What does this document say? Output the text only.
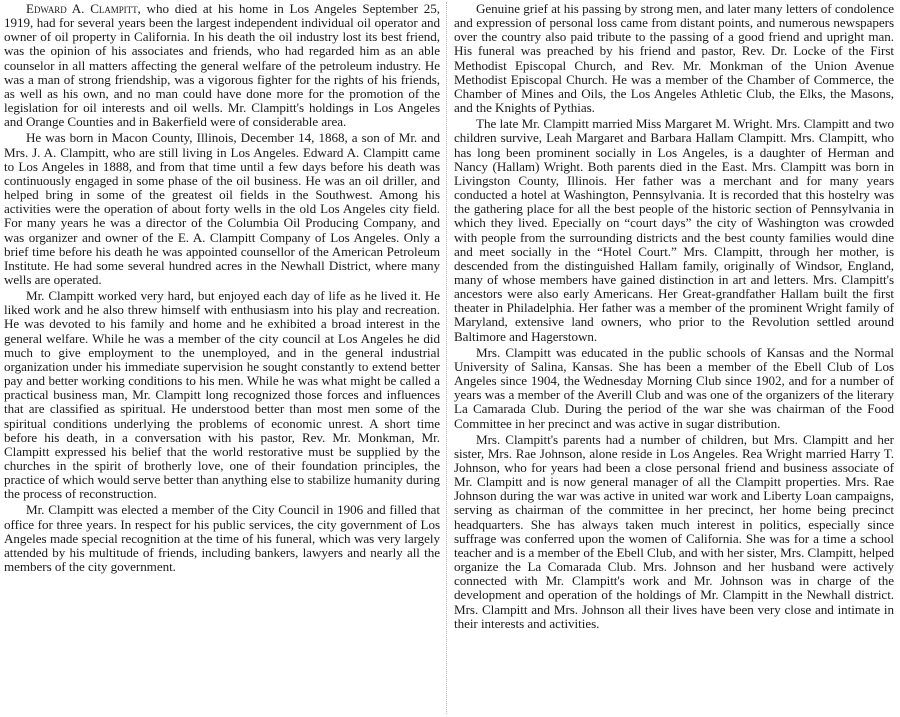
Edward A. Clampitt, who died at his home in Los Angeles September 25, 1919, had for several years been the largest independent individual oil operator and owner of oil property in California. In his death the oil industry lost its best friend, was the opinion of his associates and friends, who had regarded him as an able counselor in all matters affecting the general welfare of the petroleum industry. He was a man of strong friendship, was a vigorous fighter for the rights of his friends, as well as his own, and no man could have done more for the promotion of the legislation for oil interests and oil wells. Mr. Clampitt's holdings in Los Angeles and Orange Counties and in Bakerfield were of considerable area.

He was born in Macon County, Illinois, December 14, 1868, a son of Mr. and Mrs. J. A. Clampitt, who are still living in Los Angeles. Edward A. Clampitt came to Los Angeles in 1888, and from that time until a few days before his death was continuously engaged in some phase of the oil business. He was an oil driller, and helped bring in some of the greatest oil fields in the Southwest. Among his activities were the operation of about forty wells in the old Los Angeles city field. For many years he was a director of the Columbia Oil Producing Company, and was organizer and owner of the E. A. Clampitt Company of Los Angeles. Only a brief time before his death he was appointed counsellor of the American Petroleum Institute. He had some several hundred acres in the Newhall District, where many wells are operated.

Mr. Clampitt worked very hard, but enjoyed each day of life as he lived it. He liked work and he also threw himself with enthusiasm into his play and recreation. He was devoted to his family and home and he exhibited a broad interest in the general welfare. While he was a member of the city council at Los Angeles he did much to give employment to the unemployed, and in the general industrial organization under his immediate supervision he sought constantly to extend better pay and better working conditions to his men. While he was what might be called a practical business man, Mr. Clampitt long recognized those forces and influences that are classified as spiritual. He understood better than most men some of the spiritual conditions underlying the problems of economic unrest. A short time before his death, in a conversation with his pastor, Rev. Mr. Monkman, Mr. Clampitt expressed his belief that the world restorative must be supplied by the churches in the spirit of brotherly love, one of their foundation principles, the practice of which would serve better than anything else to stabilize humanity during the process of reconstruction.

Mr. Clampitt was elected a member of the City Council in 1906 and filled that office for three years. In respect for his public services, the city government of Los Angeles made special recognition at the time of his funeral, which was very largely attended by his multitude of friends, including bankers, lawyers and nearly all the members of the city government.

Genuine grief at his passing by strong men, and later many letters of condolence and expression of personal loss came from distant points, and numerous newspapers over the country also paid tribute to the passing of a good friend and upright man. His funeral was preached by his friend and pastor, Rev. Dr. Locke of the First Methodist Episcopal Church, and Rev. Mr. Monkman of the Union Avenue Methodist Episcopal Church. He was a member of the Chamber of Commerce, the Chamber of Mines and Oils, the Los Angeles Athletic Club, the Elks, the Masons, and the Knights of Pythias.

The late Mr. Clampitt married Miss Margaret M. Wright. Mrs. Clampitt and two children survive, Leah Margaret and Barbara Hallam Clampitt. Mrs. Clampitt, who has long been prominent socially in Los Angeles, is a daughter of Herman and Nancy (Hallam) Wright. Both parents died in the East. Mrs. Clampitt was born in Livingston County, Illinois. Her father was a merchant and for many years conducted a hotel at Washington, Pennsylvania. It is recorded that this hostelry was the gathering place for all the best people of the historic section of Pennsylvania in which they lived. Epecially on “court days” the city of Washington was crowded with people from the surrounding districts and the best county families would dine and meet socially in the “Hotel Court.” Mrs. Clampitt, through her mother, is descended from the distinguished Hallam family, originally of Windsor, England, many of whose members have gained distinction in art and letters. Mrs. Clampitt's ancestors were also early Americans. Her Great-grandfather Hallam built the first theater in Philadelphia. Her father was a member of the prominent Wright family of Maryland, extensive land owners, who prior to the Revolution settled around Baltimore and Hagerstown.

Mrs. Clampitt was educated in the public schools of Kansas and the Normal University of Salina, Kansas. She has been a member of the Ebell Club of Los Angeles since 1904, the Wednesday Morning Club since 1902, and for a number of years was a member of the Averill Club and was one of the organizers of the literary La Camarada Club. During the period of the war she was chairman of the Food Committee in her precinct and was active in sugar distribution.

Mrs. Clampitt's parents had a number of children, but Mrs. Clampitt and her sister, Mrs. Rae Johnson, alone reside in Los Angeles. Rea Wright married Harry T. Johnson, who for years had been a close personal friend and business associate of Mr. Clampitt and is now general manager of all the Clampitt properties. Mrs. Rae Johnson during the war was active in united war work and Liberty Loan campaigns, serving as chairman of the committee in her precinct, her home being precinct headquarters. She has always taken much interest in politics, especially since suffrage was conferred upon the women of California. She was for a time a school teacher and is a member of the Ebell Club, and with her sister, Mrs. Clampitt, helped organize the La Comarada Club. Mrs. Johnson and her husband were actively connected with Mr. Clampitt's work and Mr. Johnson was in charge of the development and operation of the holdings of Mr. Clampitt in the Newhall district. Mrs. Clampitt and Mrs. Johnson all their lives have been very close and intimate in their interests and activities.
